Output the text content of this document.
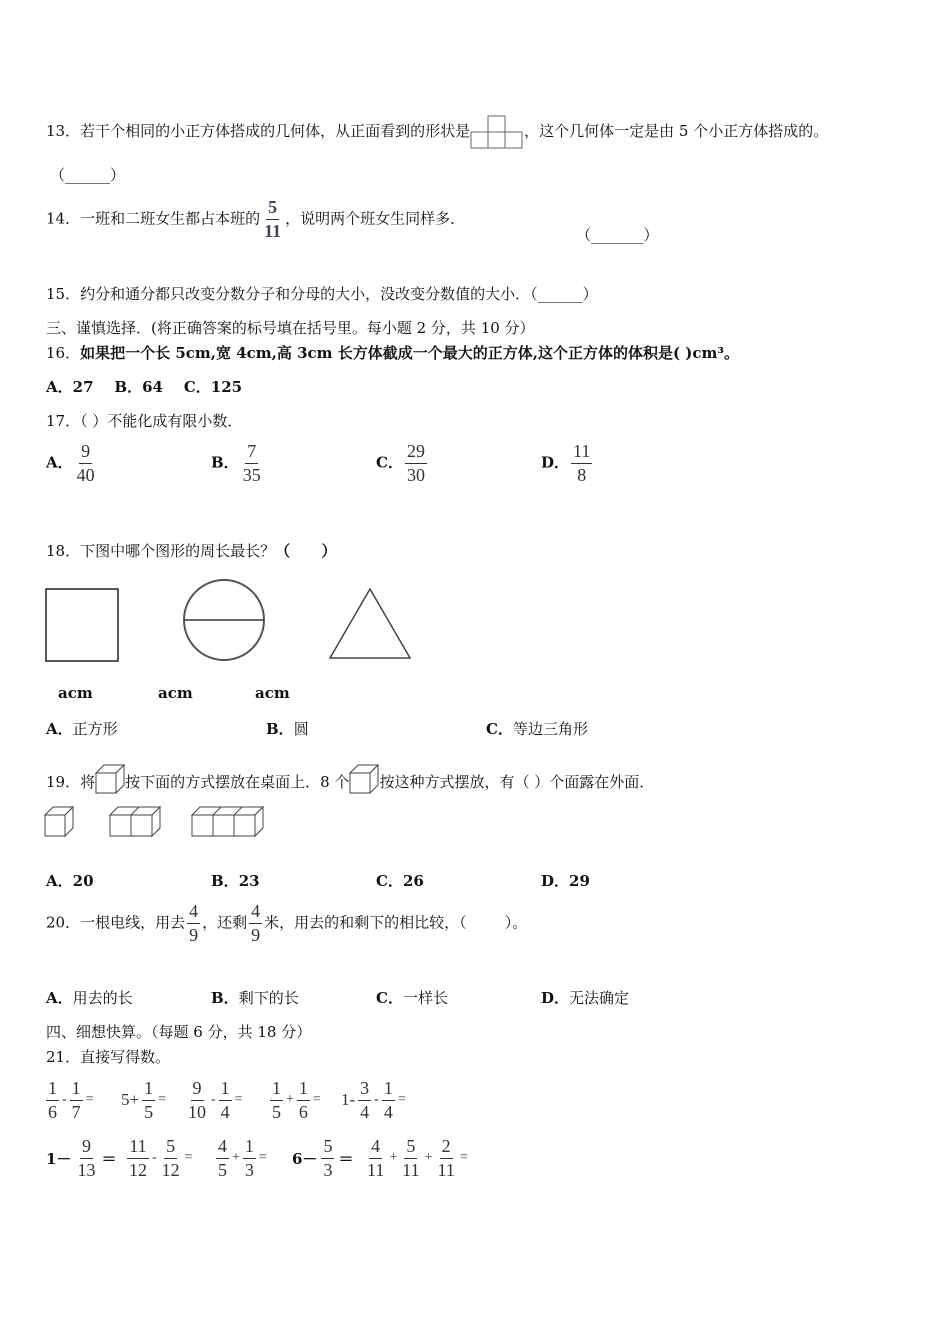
13．若干个相同的小正方体搭成的几何体，从正面看到的形状是	，这个几何体一定是由 5 个小正方体搭成的。
（______）
14．一班和二班女生都占本班的 $\frac{5}{11}$ ，说明两个班女生同样多．
（_______）
15．约分和通分都只改变分数分子和分母的大小，没改变分数值的大小．（______）
三、谨慎选择．(将正确答案的标号填在括号里。每小题 2 分，共 10 分）
16．如果把一个长 5cm,宽 4cm,高 3cm 长方体截成一个最大的正方体,这个正方体的体积是( )cm³。
A．27    B．64    C．125
17．（ ）不能化成有限小数．
A． $\frac{9}{40}$	B． $\frac{7}{35}$	C． $\frac{29}{30}$	D． $\frac{11}{8}$
18．下图中哪个图形的周长最长？（      ）
acm	acm	acm
A．正方形	B．圆	C．等边三角形
19．将 按下面的方式摆放在桌面上．8 个 按这种方式摆放，有（ ）个面露在外面．
A．20	B．23	C．26	D．29
20．一根电线，用去 $\frac{4}{9}$ ，还剩 $\frac{4}{9}$ 米，用去的和剩下的相比较，（        ）。
A．用去的长	B．剩下的长	C．一样长	D．无法确定
四、细想快算。（每题 6 分，共 18 分）
21．直接写得数。
$\frac{1}{6} - \frac{1}{7} = 5+ \frac{1}{5} = \frac{9}{10} - \frac{1}{4} = \frac{1}{5} + \frac{1}{6} = 1- \frac{3}{4} - \frac{1}{4}$ =
$1- \frac{9}{13} = \frac{11}{12} - \frac{5}{12} = \frac{4}{5} + \frac{1}{3} = 6- \frac{5}{3} = \frac{4}{11} + \frac{5}{11} + \frac{2}{11}$ =
